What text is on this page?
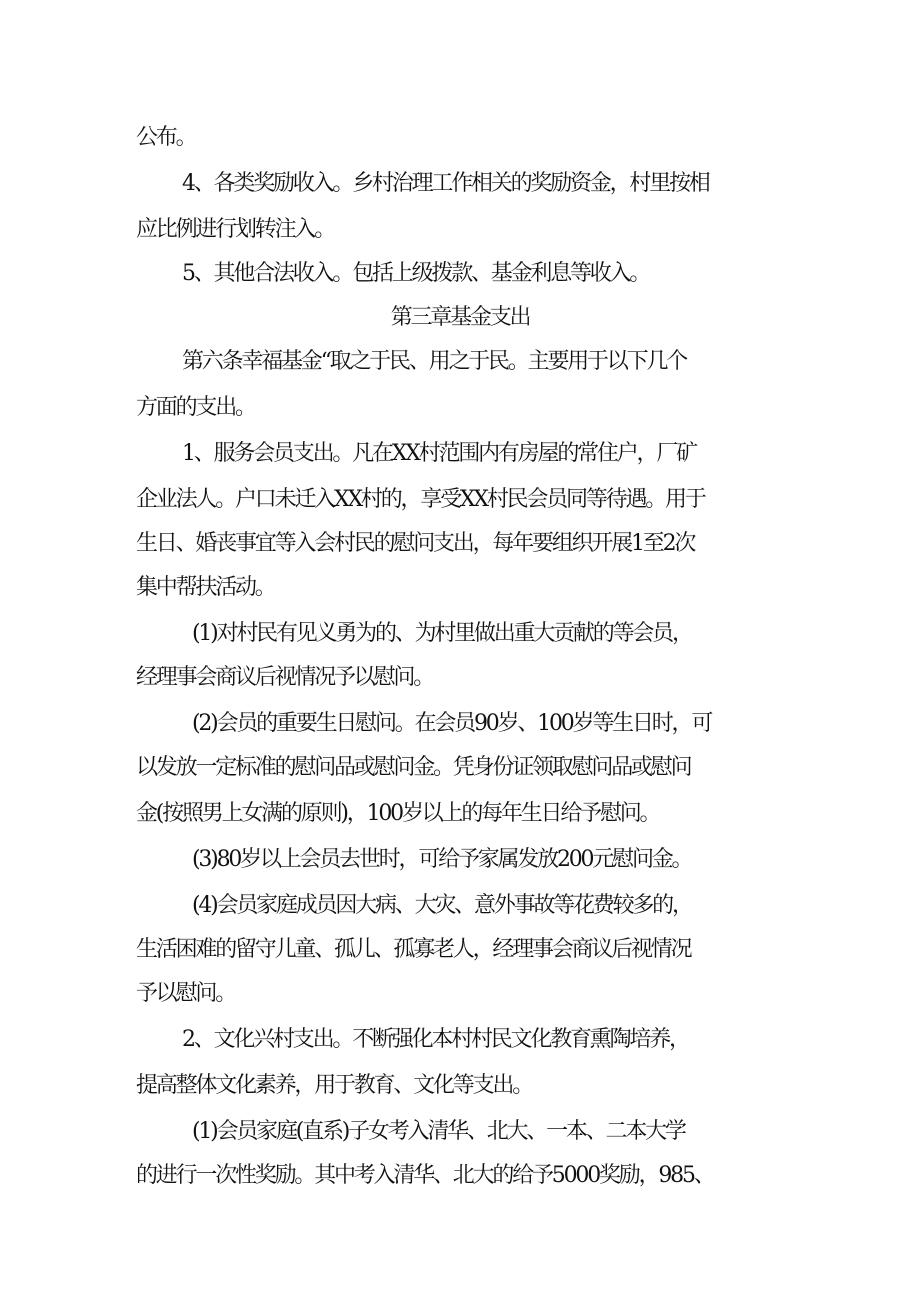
公布。
4、各类奖励收入。乡村治理工作相关的奖励资金，村里按相
应比例进行划转注入。
5、其他合法收入。包括上级拨款、基金利息等收入。
第三章基金支出
第六条幸福基金“取之于民、用之于民。主要用于以下几个
方面的支出。
1、服务会员支出。凡在XX村范围内有房屋的常住户，厂矿
企业法人。户口未迁入XX村的，享受XX村民会员同等待遇。用于
生日、婚丧事宜等入会村民的慰问支出，每年要组织开展1至2次
集中帮扶活动。
(1)对村民有见义勇为的、为村里做出重大贡献的等会员，
经理事会商议后视情况予以慰问。
(2)会员的重要生日慰问。在会员90岁、100岁等生日时，可
以发放一定标准的慰问品或慰问金。凭身份证领取慰问品或慰问
金(按照男上女满的原则)，100岁以上的每年生日给予慰问。
(3)80岁以上会员去世时，可给予家属发放200元慰问金。
(4)会员家庭成员因大病、大灾、意外事故等花费较多的，
生活困难的留守儿童、孤儿、孤寡老人，经理事会商议后视情况
予以慰问。
2、文化兴村支出。不断强化本村村民文化教育熏陶培养，
提高整体文化素养，用于教育、文化等支出。
(1)会员家庭(直系)子女考入清华、北大、一本、二本大学
的进行一次性奖励。其中考入清华、北大的给予5000奖励，985、
